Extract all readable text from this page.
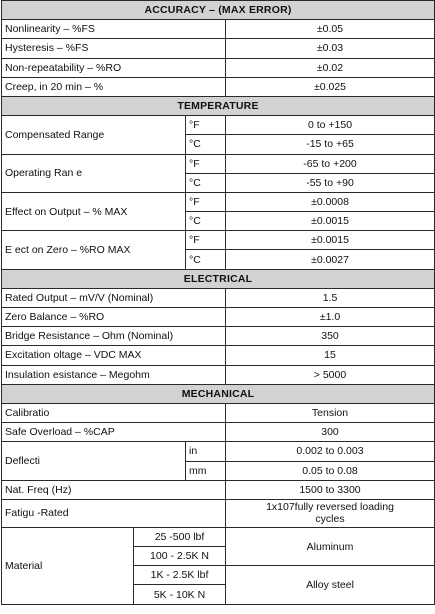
ACCURACY – (MAX ERROR)			
Nonlinearity – %FS			±0.05
Hysteresis – %FS			±0.03
Non-repeatability – %RO			±0.02
Creep, in 20 min – %			±0.025
TEMPERATURE			
Compensated Range		°F	0 to +150
		°C	-15 to +65
Operating Ran e		°F	-65 to +200
		°C	-55 to +90
Effect on Output – % MAX		°F	±0.0008
		°C	±0.0015
E ect on Zero – %RO MAX		°F	±0.0015
		°C	±0.0027
ELECTRICAL			
Rated Output – mV/V (Nominal)			1.5
Zero Balance – %RO			±1.0
Bridge Resistance – Ohm (Nominal)			350
Excitation oltage – VDC MAX			15
Insulation esistance – Megohm			> 5000
MECHANICAL			
Calibratio			Tension
Safe Overload – %CAP			300
Deflecti		in	0.002 to 0.003
		mm	0.05 to 0.08
Nat. Freq (Hz)			1500 to 3300
Fatigu -Rated			1x107fully reversed loading cycles
Material	25 -500 lbf		Aluminum
	100 - 2.5K N		
	1K - 2.5K lbf		Alloy steel
	5K - 10K N		
